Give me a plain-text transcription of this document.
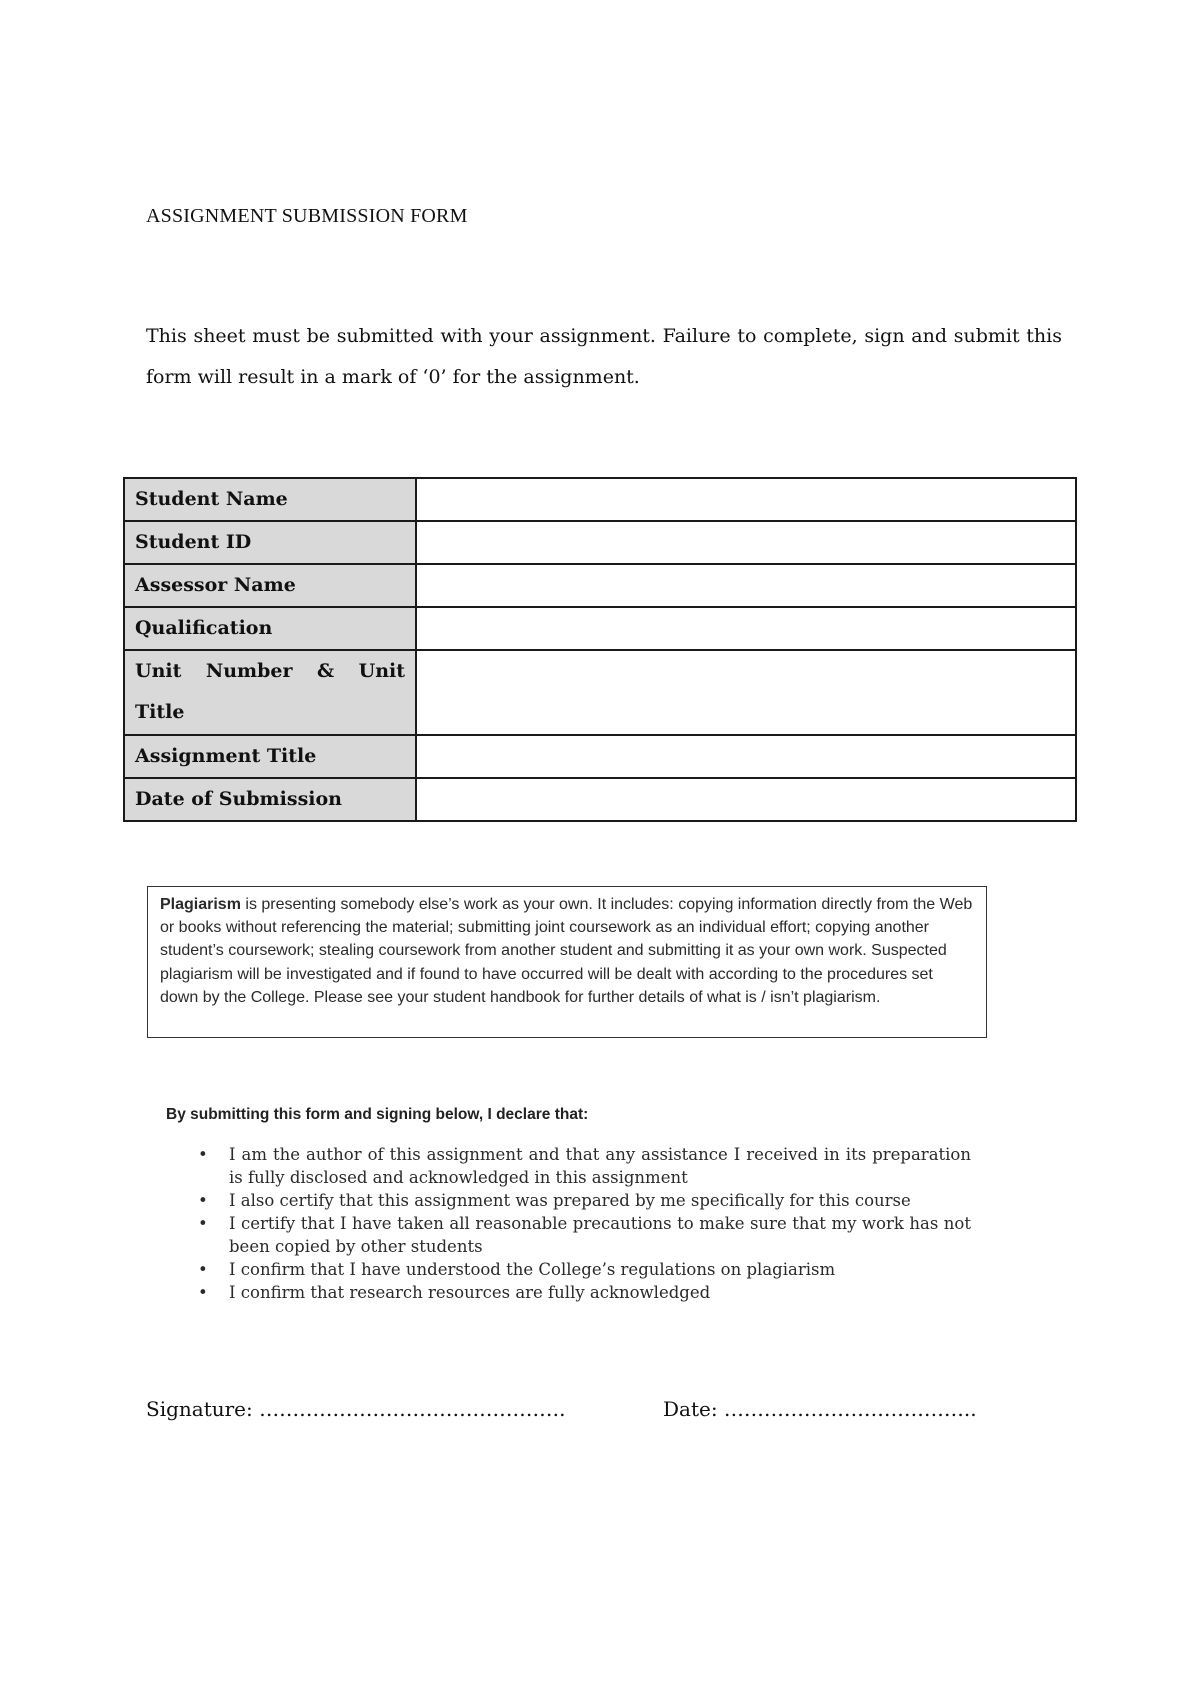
ASSIGNMENT SUBMISSION FORM
This sheet must be submitted with your assignment. Failure to complete, sign and submit this form will result in a mark of ‘0’ for the assignment.
Student Name	
Student ID	
Assessor Name	
Qualification	
Unit Number & Unit Title	
Assignment Title	
Date of Submission	
Plagiarism is presenting somebody else’s work as your own. It includes: copying information directly from the Web or books without referencing the material; submitting joint coursework as an individual effort; copying another student’s coursework; stealing coursework from another student and submitting it as your own work. Suspected plagiarism will be investigated and if found to have occurred will be dealt with according to the procedures set down by the College. Please see your student handbook for further details of what is / isn’t plagiarism.
By submitting this form and signing below, I declare that:
•	I am the author of this assignment and that any assistance I received in its preparation is fully disclosed and acknowledged in this assignment
•	I also certify that this assignment was prepared by me specifically for this course
•	I certify that I have taken all reasonable precautions to make sure that my work has not been copied by other students
•	I confirm that I have understood the College’s regulations on plagiarism
•	I confirm that research resources are fully acknowledged
Signature: ……………………………………….	Date: ………………………………..
